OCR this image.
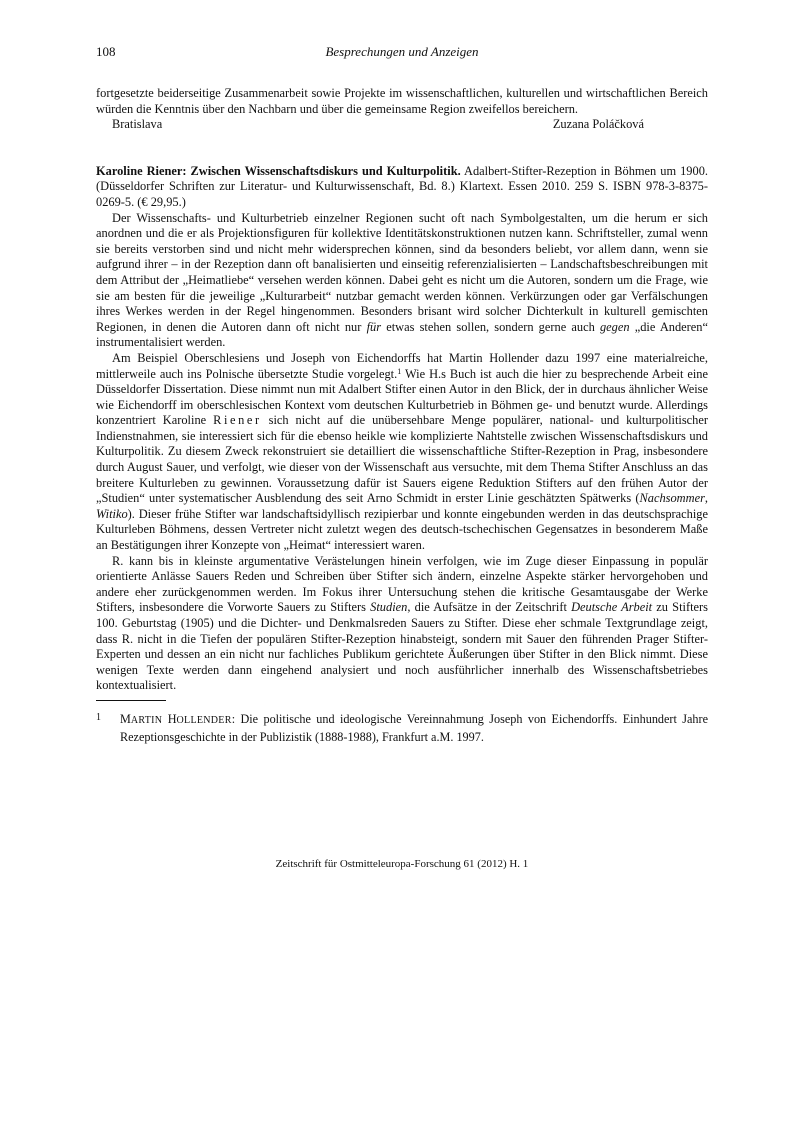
108	Besprechungen und Anzeigen

fortgesetzte beiderseitige Zusammenarbeit sowie Projekte im wissenschaftlichen, kulturellen und wirtschaftlichen Bereich würden die Kenntnis über den Nachbarn und über die gemeinsame Region zweifellos bereichern.

Bratislava	Zuzana Poláčková

Karoline Riener: Zwischen Wissenschaftsdiskurs und Kulturpolitik. Adalbert-Stifter-Rezeption in Böhmen um 1900. (Düsseldorfer Schriften zur Literatur- und Kulturwissenschaft, Bd. 8.) Klartext. Essen 2010. 259 S. ISBN 978-3-8375-0269-5. (€ 29,95.)

Der Wissenschafts- und Kulturbetrieb einzelner Regionen sucht oft nach Symbolgestalten, um die herum er sich anordnen und die er als Projektionsfiguren für kollektive Identitätskonstruktionen nutzen kann. Schriftsteller, zumal wenn sie bereits verstorben sind und nicht mehr widersprechen können, sind da besonders beliebt, vor allem dann, wenn sie aufgrund ihrer – in der Rezeption dann oft banalisierten und einseitig referenzialisierten – Landschaftsbeschreibungen mit dem Attribut der „Heimatliebe“ versehen werden können. Dabei geht es nicht um die Autoren, sondern um die Frage, wie sie am besten für die jeweilige „Kulturarbeit“ nutzbar gemacht werden können. Verkürzungen oder gar Verfälschungen ihres Werkes werden in der Regel hingenommen. Besonders brisant wird solcher Dichterkult in kulturell gemischten Regionen, in denen die Autoren dann oft nicht nur für etwas stehen sollen, sondern gerne auch gegen „die Anderen“ instrumentalisiert werden.

Am Beispiel Oberschlesiens und Joseph von Eichendorffs hat Martin Hollender dazu 1997 eine materialreiche, mittlerweile auch ins Polnische übersetzte Studie vorgelegt.$^1$ Wie H.s Buch ist auch die hier zu besprechende Arbeit eine Düsseldorfer Dissertation. Diese nimmt nun mit Adalbert Stifter einen Autor in den Blick, der in durchaus ähnlicher Weise wie Eichendorff im oberschlesischen Kontext vom deutschen Kulturbetrieb in Böhmen ge- und benutzt wurde. Allerdings konzentriert Karoline Riener sich nicht auf die unübersehbare Menge populärer, national- und kulturpolitischer Indienstnahmen, sie interessiert sich für die ebenso heikle wie komplizierte Nahtstelle zwischen Wissenschaftsdiskurs und Kulturpolitik. Zu diesem Zweck rekonstruiert sie detailliert die wissenschaftliche Stifter-Rezeption in Prag, insbesondere durch August Sauer, und verfolgt, wie dieser von der Wissenschaft aus versuchte, mit dem Thema Stifter Anschluss an das breitere Kulturleben zu gewinnen. Voraussetzung dafür ist Sauers eigene Reduktion Stifters auf den frühen Autor der „Studien“ unter systematischer Ausblendung des seit Arno Schmidt in erster Linie geschätzten Spätwerks (Nachsommer, Witiko). Dieser frühe Stifter war landschaftsidyllisch rezipierbar und konnte eingebunden werden in das deutschsprachige Kulturleben Böhmens, dessen Vertreter nicht zuletzt wegen des deutsch-tschechischen Gegensatzes in besonderem Maße an Bestätigungen ihrer Konzepte von „Heimat“ interessiert waren.

R. kann bis in kleinste argumentative Verästelungen hinein verfolgen, wie im Zuge dieser Einpassung in populär orientierte Anlässe Sauers Reden und Schreiben über Stifter sich ändern, einzelne Aspekte stärker hervorgehoben und andere eher zurückgenommen werden. Im Fokus ihrer Untersuchung stehen die kritische Gesamtausgabe der Werke Stifters, insbesondere die Vorworte Sauers zu Stifters Studien, die Aufsätze in der Zeitschrift Deutsche Arbeit zu Stifters 100. Geburtstag (1905) und die Dichter- und Denkmalsreden Sauers zu Stifter. Diese eher schmale Textgrundlage zeigt, dass R. nicht in die Tiefen der populären Stifter-Rezeption hinabsteigt, sondern mit Sauer den führenden Prager Stifter-Experten und dessen an ein nicht nur fachliches Publikum gerichtete Äußerungen über Stifter in den Blick nimmt. Diese wenigen Texte werden dann eingehend analysiert und noch ausführlicher innerhalb des Wissenschaftsbetriebes kontextualisiert.

1	MARTIN HOLLENDER: Die politische und ideologische Vereinnahmung Joseph von Eichendorffs. Einhundert Jahre Rezeptionsgeschichte in der Publizistik (1888-1988), Frankfurt a.M. 1997.
Zeitschrift für Ostmitteleuropa-Forschung 61 (2012) H. 1
